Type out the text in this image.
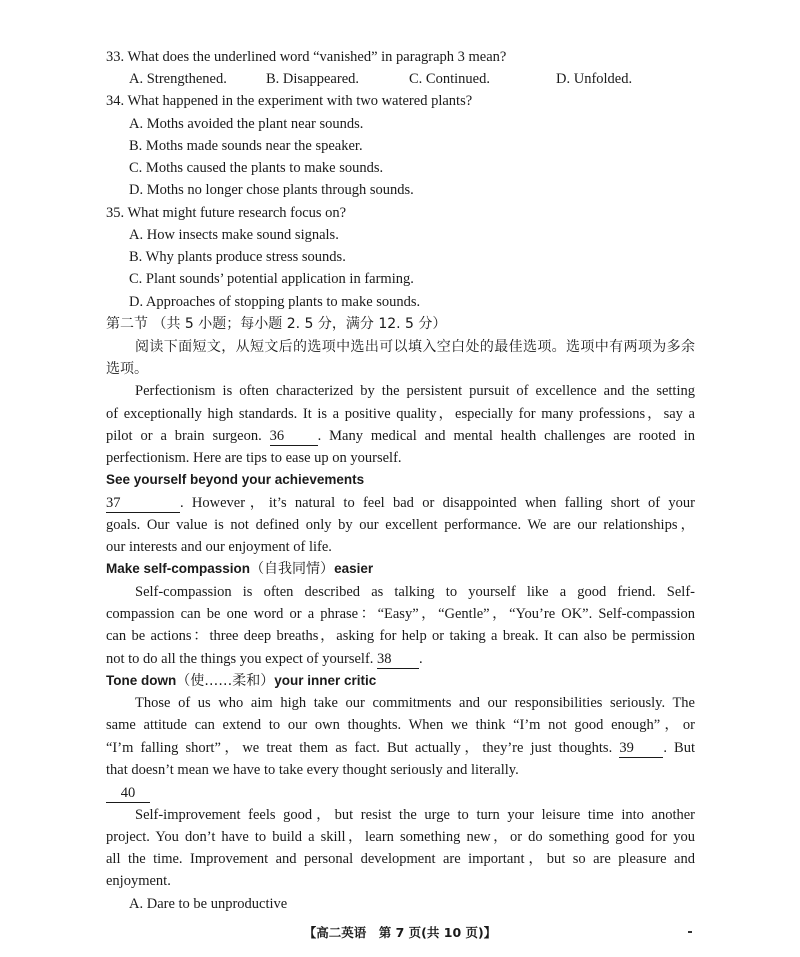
33. What does the underlined word “vanished” in paragraph 3 mean?

A. Strengthened.	B. Disappeared.	C. Continued.	D. Unfolded.

34. What happened in the experiment with two watered plants?

A. Moths avoided the plant near sounds.

B. Moths made sounds near the speaker.

C. Moths caused the plants to make sounds.

D. Moths no longer chose plants through sounds.

35. What might future research focus on?

A. How insects make sound signals.

B. Why plants produce stress sounds.

C. Plant sounds’ potential application in farming.

D. Approaches of stopping plants to make sounds.

第二节 （共 5 小题；每小题 2. 5 分，满分 12. 5 分）

阅读下面短文，从短文后的选项中选出可以填入空白处的最佳选项。选项中有两项为多余

选项。

Perfectionism is often characterized by the persistent pursuit of excellence and the setting

of exceptionally high standards. It is a positive quality，especially for many professions，say a

pilot or a brain surgeon. 36 . Many medical and mental health challenges are rooted in

perfectionism. Here are tips to ease up on yourself.

See yourself beyond your achievements

37	. However，it’s natural to feel bad or disappointed when falling short of your

goals. Our value is not defined only by our excellent performance. We are our relationships，

our interests and our enjoyment of life.

Make self-compassion（自我同情）easier

Self-compassion is often described as talking to yourself like a good friend. Self-

compassion can be one word or a phrase：“Easy”，“Gentle”，“You’re OK”. Self-compassion

can be actions：three deep breaths，asking for help or taking a break. It can also be permission

not to do all the things you expect of yourself. 38 .

Tone down（使……柔和）your inner critic

Those of us who aim high take our commitments and our responsibilities seriously. The

same attitude can extend to our own thoughts. When we think “I’m not good enough”，or

“I’m falling short”，we treat them as fact. But actually，they’re just thoughts. 39 . But

that doesn’t mean we have to take every thought seriously and literally.

40

Self-improvement feels good，but resist the urge to turn your leisure time into another

project. You don’t have to build a skill，learn something new，or do something good for you

all the time. Improvement and personal development are important，but so are pleasure and

enjoyment.

A. Dare to be unproductive

【高二英语　第 7 页(共 10 页)】
